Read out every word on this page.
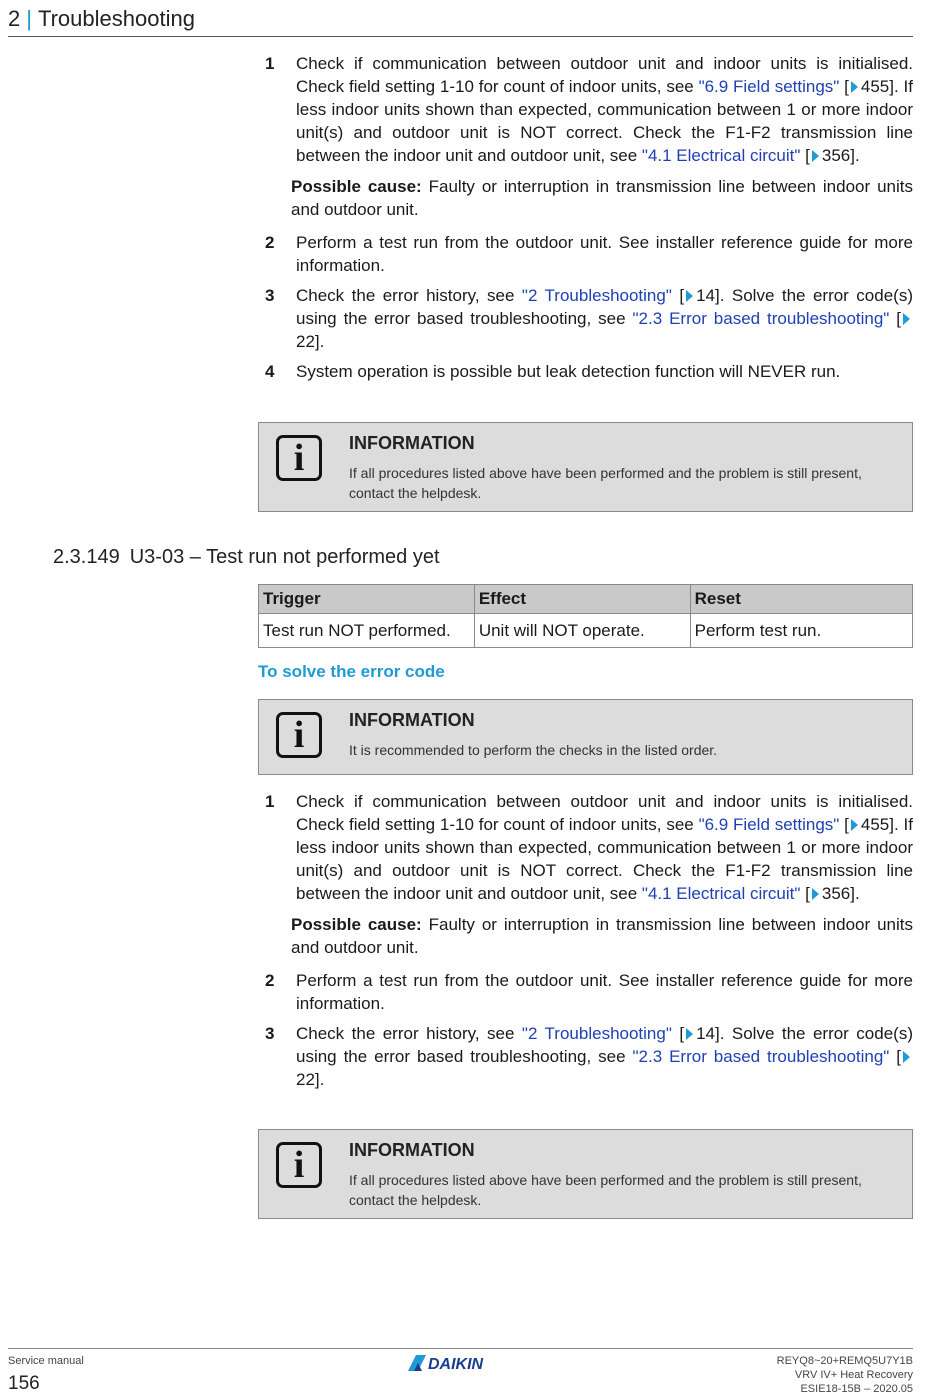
2 | Troubleshooting
1 Check if communication between outdoor unit and indoor units is initialised. Check field setting 1-10 for count of indoor units, see "6.9 Field settings" [ 455]. If less indoor units shown than expected, communication between 1 or more indoor unit(s) and outdoor unit is NOT correct. Check the F1-F2 transmission line between the indoor unit and outdoor unit, see "4.1 Electrical circuit" [ 356].
Possible cause: Faulty or interruption in transmission line between indoor units and outdoor unit.
2 Perform a test run from the outdoor unit. See installer reference guide for more information.
3 Check the error history, see "2 Troubleshooting" [ 14]. Solve the error code(s) using the error based troubleshooting, see "2.3 Error based troubleshooting" [22].
4 System operation is possible but leak detection function will NEVER run.
i	INFORMATION
If all procedures listed above have been performed and the problem is still present, contact the helpdesk.
2.3.149 U3-03 – Test run not performed yet
Trigger	Effect	Reset
Test run NOT performed.	Unit will NOT operate.	Perform test run.
To solve the error code
i	INFORMATION
It is recommended to perform the checks in the listed order.
1 Check if communication between outdoor unit and indoor units is initialised. Check field setting 1-10 for count of indoor units, see "6.9 Field settings" [ 455]. If less indoor units shown than expected, communication between 1 or more indoor unit(s) and outdoor unit is NOT correct. Check the F1-F2 transmission line between the indoor unit and outdoor unit, see "4.1 Electrical circuit" [ 356].
Possible cause: Faulty or interruption in transmission line between indoor units and outdoor unit.
2 Perform a test run from the outdoor unit. See installer reference guide for more information.
3 Check the error history, see "2 Troubleshooting" [ 14]. Solve the error code(s) using the error based troubleshooting, see "2.3 Error based troubleshooting" [22].
i	INFORMATION
If all procedures listed above have been performed and the problem is still present, contact the helpdesk.
Service manual
156
DAIKIN	REYQ8~20+REMQ5U7Y1B
VRV IV+ Heat Recovery
ESIE18-15B – 2020.05
